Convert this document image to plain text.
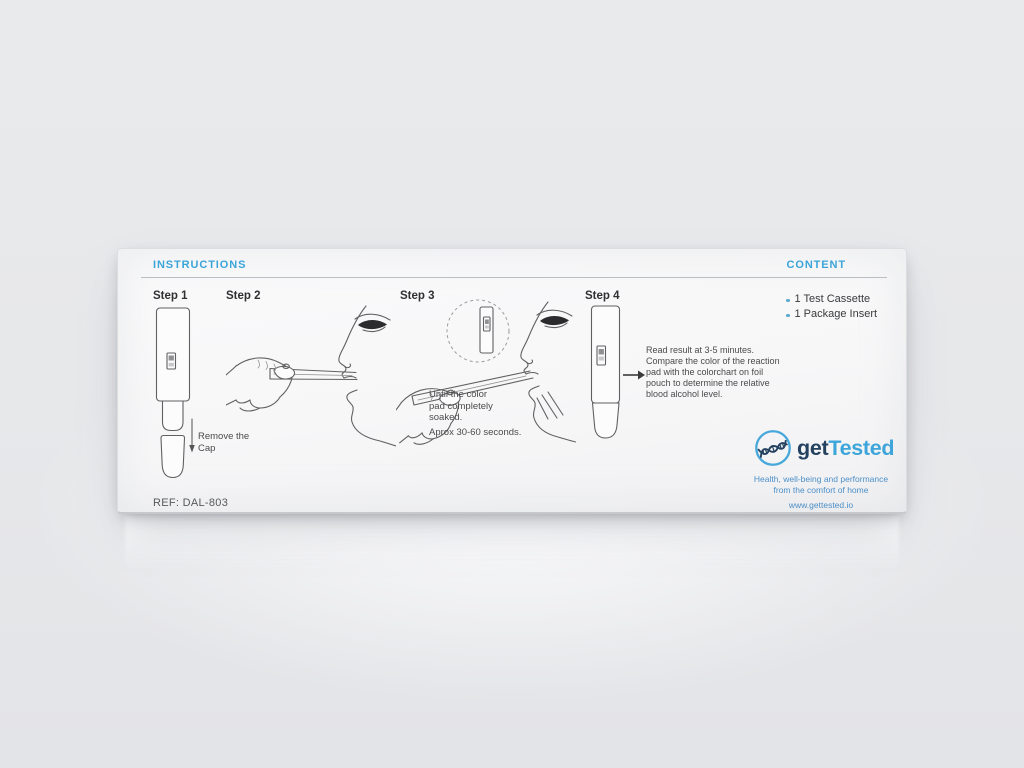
INSTRUCTIONS	CONTENT
Step 1	Step 2	Step 3	Step 4
Remove the
Cap
Until the color
pad completely
soaked.
Aprox 30-60 seconds.
Read result at 3-5 minutes.
Compare the color of the reaction
pad with the colorchart on foil
pouch to determine the relative
blood alcohol level.
1 Test Cassette
1 Package Insert
getTested
Health, well-being and performance
from the comfort of home
www.gettested.io
REF: DAL-803
